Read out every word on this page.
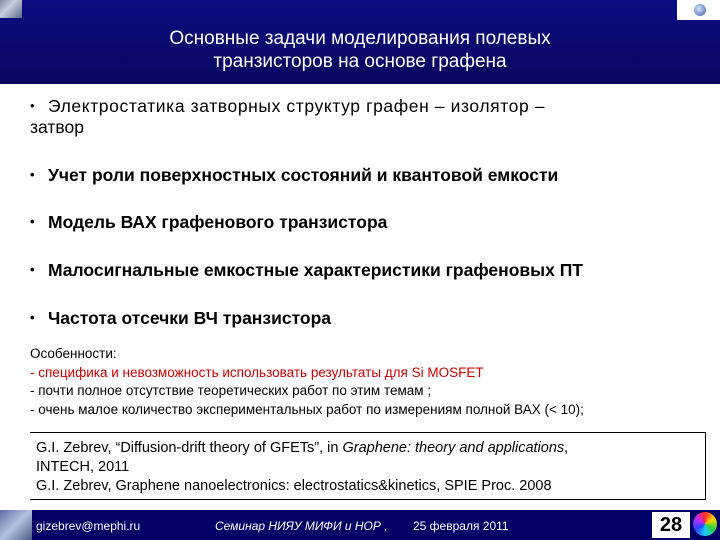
Основные задачи моделирования полевых
транзисторов на основе графена
• Электростатика затворных структур графен – изолятор –
затвор
• Учет роли поверхностных состояний и квантовой емкости
• Модель ВАХ графенового транзистора
• Малосигнальные емкостные характеристики графеновых ПТ
• Частота отсечки ВЧ транзистора
Особенности:
- специфика и невозможность использовать результаты для Si MOSFET
- почти полное отсутствие теоретических работ по этим темам ;
- очень малое количество экспериментальных работ по измерениям полной ВАХ (< 10);
G.I. Zebrev, “Diffusion-drift theory of GFETs”, in Graphene: theory and applications,
INTECH, 2011
G.I. Zebrev, Graphene nanoelectronics: electrostatics&kinetics, SPIE Proc. 2008
gizebrev@mephi.ru	Семинар НИЯУ МИФИ и НОР , 25 февраля 2011	28
